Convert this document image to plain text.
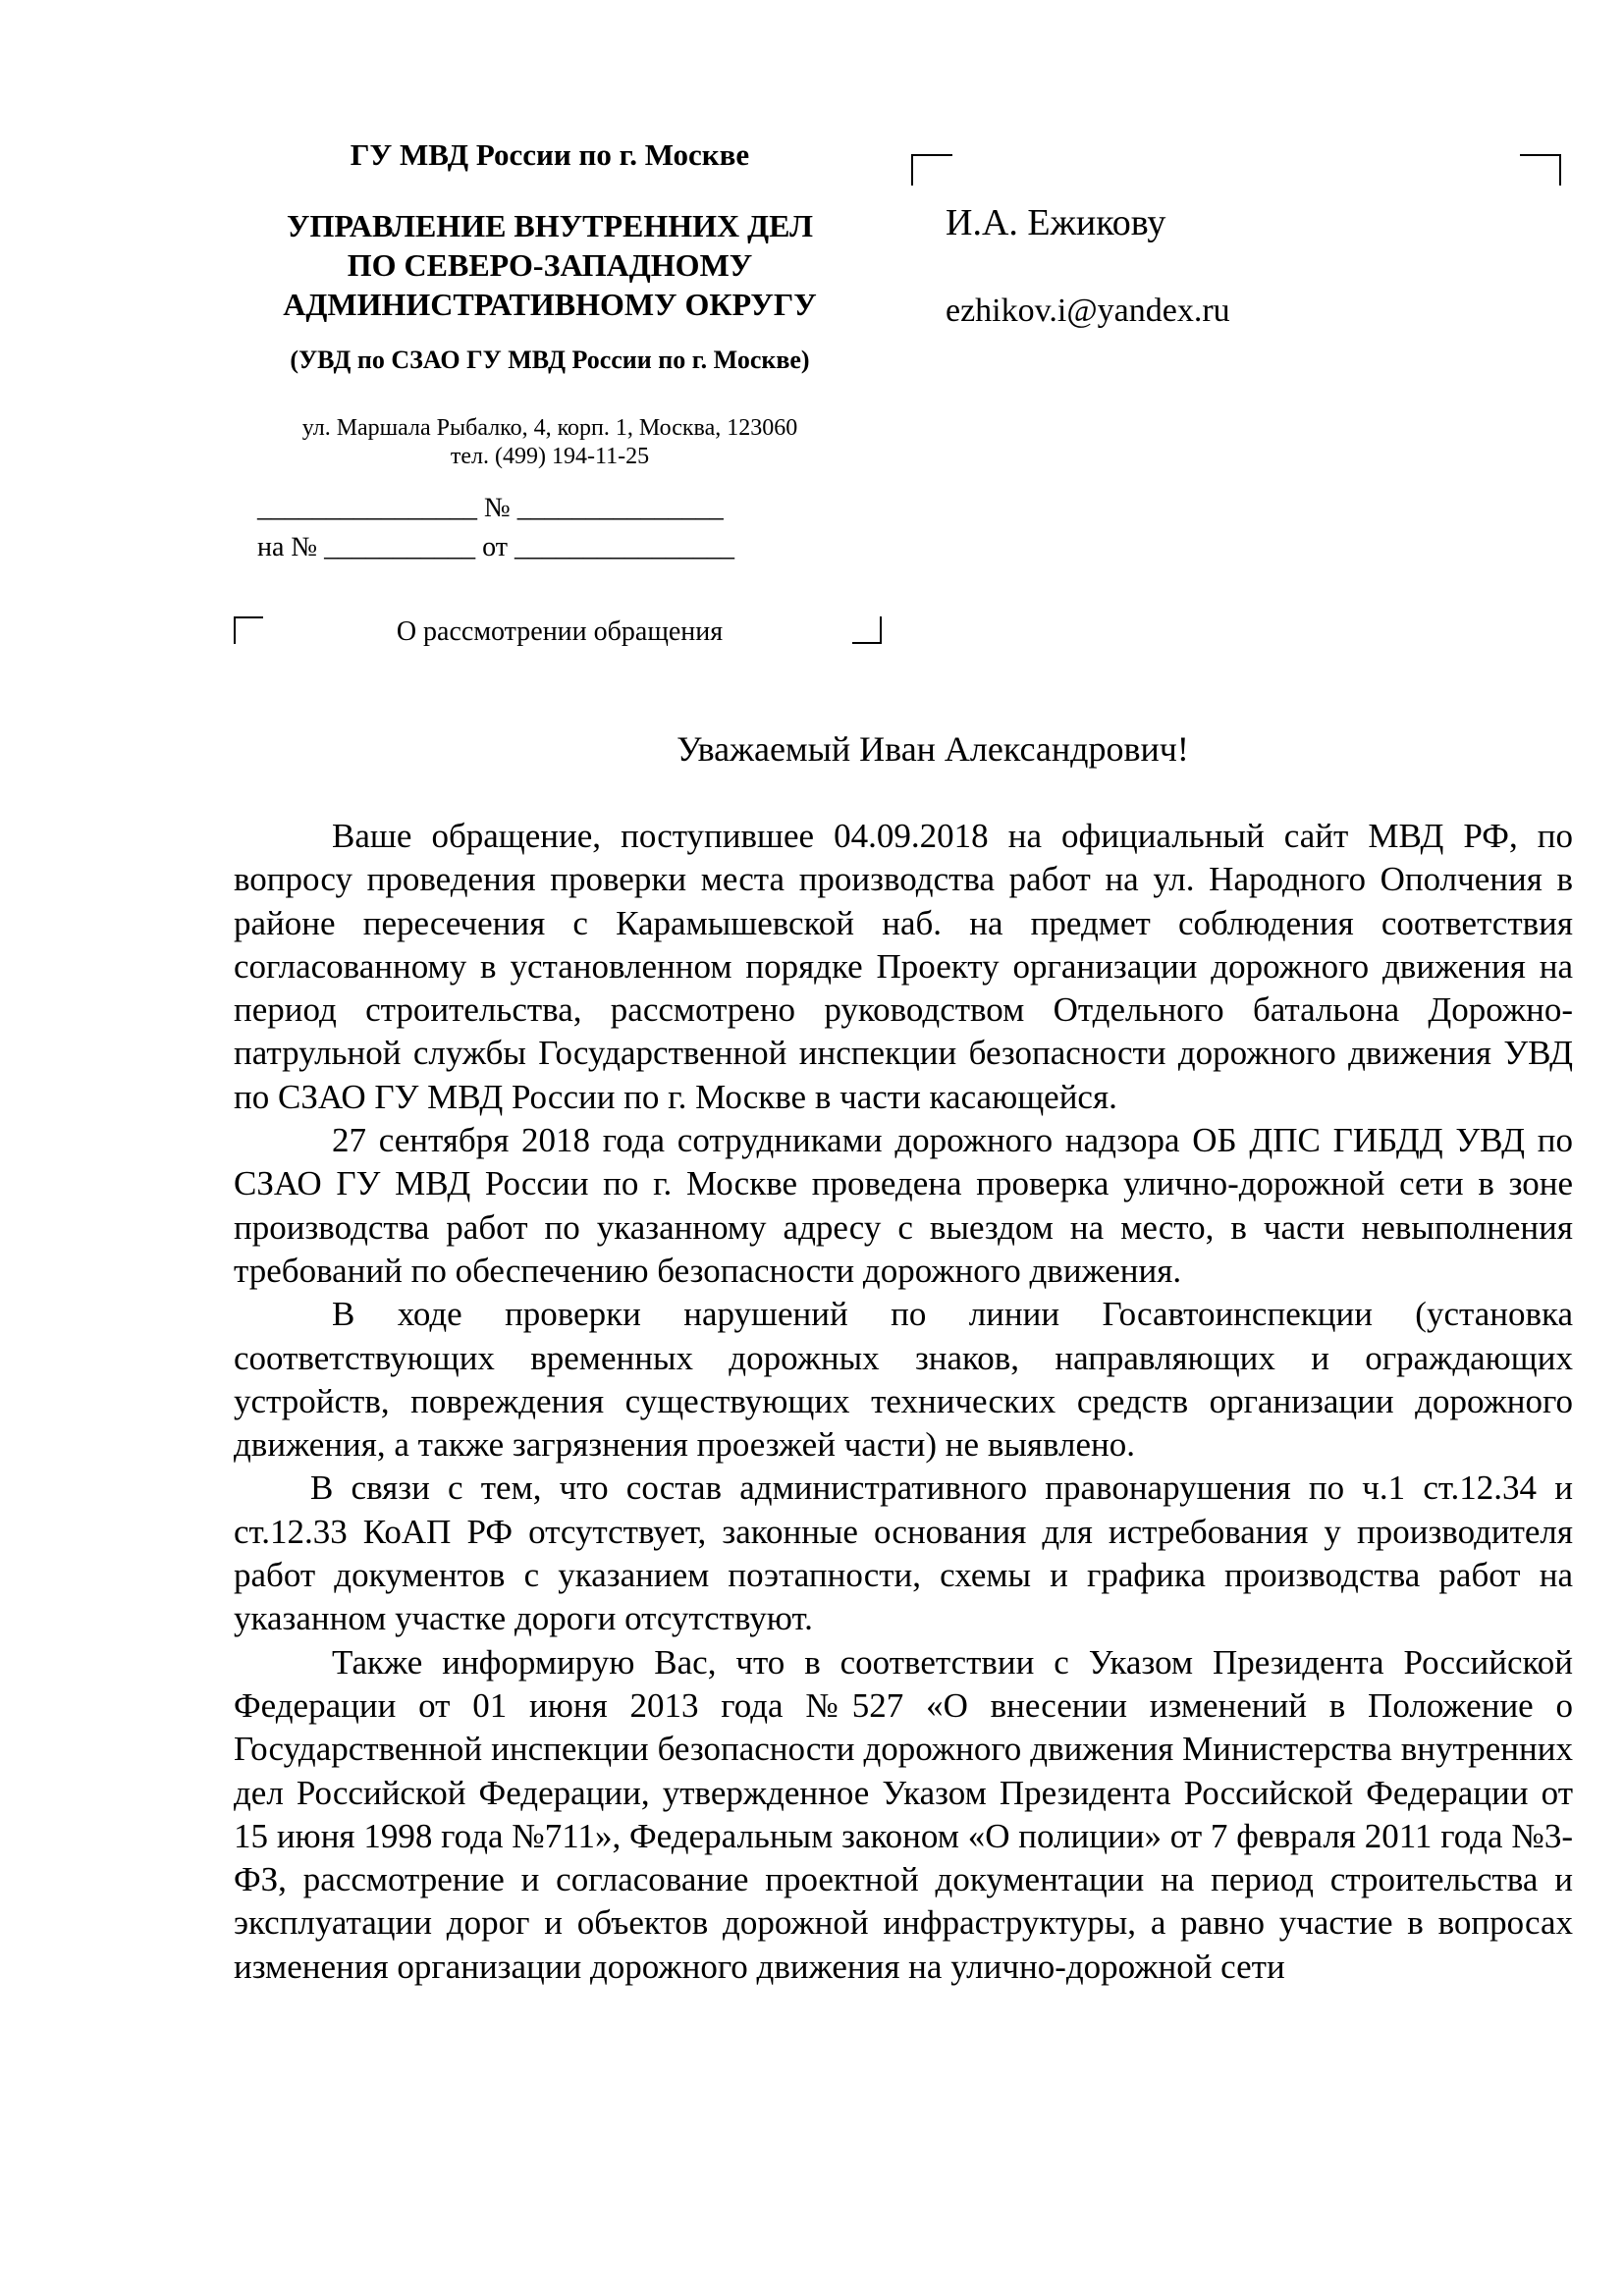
ГУ МВД России по г. Москве
УПРАВЛЕНИЕ ВНУТРЕННИХ ДЕЛ
ПО СЕВЕРО-ЗАПАДНОМУ
АДМИНИСТРАТИВНОМУ ОКРУГУ
(УВД по СЗАО ГУ МВД России по г. Москве)
ул. Маршала Рыбалко, 4, корп. 1, Москва, 123060
тел. (499) 194-11-25
________________ № _______________
на № ___________ от ________________
О рассмотрении обращения
И.А. Ежикову
ezhikov.i@yandex.ru
Уважаемый Иван Александрович!

Ваше обращение, поступившее 04.09.2018 на официальный сайт МВД РФ, по вопросу проведения проверки места производства работ на ул. Народного Ополчения в районе пересечения с Карамышевской наб. на предмет соблюдения соответствия согласованному в установленном порядке Проекту организации дорожного движения на период строительства, рассмотрено руководством Отдельного батальона Дорожно-патрульной службы Государственной инспекции безопасности дорожного движения УВД по СЗАО ГУ МВД России по г. Москве в части касающейся.

27 сентября 2018 года сотрудниками дорожного надзора ОБ ДПС ГИБДД УВД по СЗАО ГУ МВД России по г. Москве проведена проверка улично-дорожной сети в зоне производства работ по указанному адресу с выездом на место, в части невыполнения требований по обеспечению безопасности дорожного движения.

В ходе проверки нарушений по линии Госавтоинспекции (установка соответствующих временных дорожных знаков, направляющих и ограждающих устройств, повреждения существующих технических средств организации дорожного движения, а также загрязнения проезжей части) не выявлено.

В связи с тем, что состав административного правонарушения по ч.1 ст.12.34 и ст.12.33 КоАП РФ отсутствует, законные основания для истребования у производителя работ документов с указанием поэтапности, схемы и графика производства работ на указанном участке дороги отсутствуют.

Также информирую Вас, что в соответствии с Указом Президента Российской Федерации от 01 июня 2013 года №527 «О внесении изменений в Положение о Государственной инспекции безопасности дорожного движения Министерства внутренних дел Российской Федерации, утвержденное Указом Президента Российской Федерации от 15 июня 1998 года №711», Федеральным законом «О полиции» от 7 февраля 2011 года №3-ФЗ, рассмотрение и согласование проектной документации на период строительства и эксплуатации дорог и объектов дорожной инфраструктуры, а равно участие в вопросах изменения организации дорожного движения на улично-дорожной сети
